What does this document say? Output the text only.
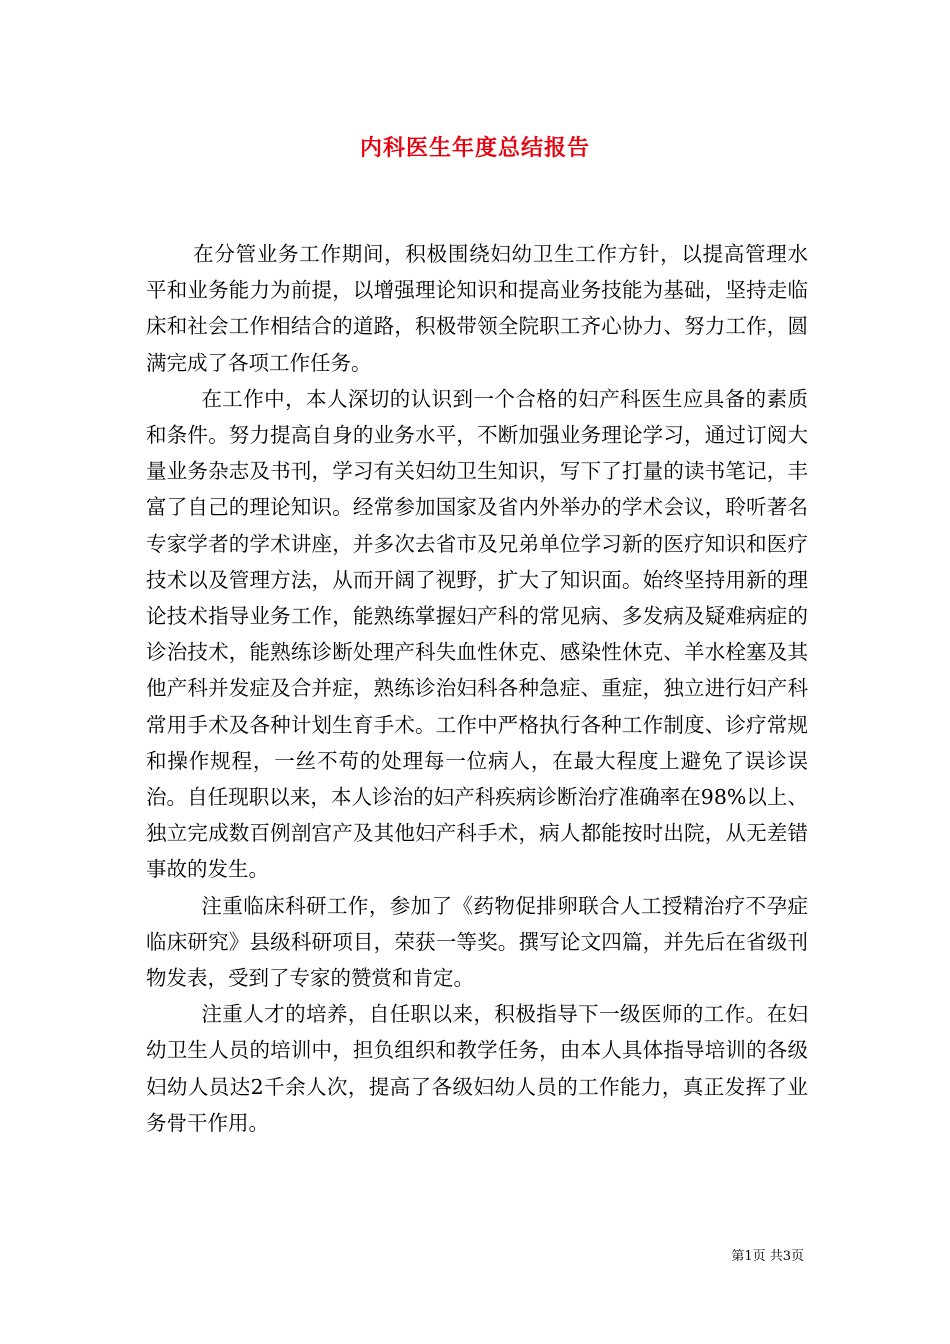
内科医生年度总结报告

在分管业务工作期间，积极围绕妇幼卫生工作方针，以提高管理水平和业务能力为前提，以增强理论知识和提高业务技能为基础，坚持走临床和社会工作相结合的道路，积极带领全院职工齐心协力、努力工作，圆满完成了各项工作任务。

在工作中，本人深切的认识到一个合格的妇产科医生应具备的素质和条件。努力提高自身的业务水平，不断加强业务理论学习，通过订阅大量业务杂志及书刊，学习有关妇幼卫生知识，写下了打量的读书笔记，丰富了自己的理论知识。经常参加国家及省内外举办的学术会议，聆听著名专家学者的学术讲座，并多次去省市及兄弟单位学习新的医疗知识和医疗技术以及管理方法，从而开阔了视野，扩大了知识面。始终坚持用新的理论技术指导业务工作，能熟练掌握妇产科的常见病、多发病及疑难病症的诊治技术，能熟练诊断处理产科失血性休克、感染性休克、羊水栓塞及其他产科并发症及合并症，熟练诊治妇科各种急症、重症，独立进行妇产科常用手术及各种计划生育手术。工作中严格执行各种工作制度、诊疗常规和操作规程，一丝不苟的处理每一位病人，在最大程度上避免了误诊误治。自任现职以来，本人诊治的妇产科疾病诊断治疗准确率在98%以上、独立完成数百例剖宫产及其他妇产科手术，病人都能按时出院，从无差错事故的发生。

注重临床科研工作，参加了《药物促排卵联合人工授精治疗不孕症临床研究》县级科研项目，荣获一等奖。撰写论文四篇，并先后在省级刊物发表，受到了专家的赞赏和肯定。

注重人才的培养，自任职以来，积极指导下一级医师的工作。在妇幼卫生人员的培训中，担负组织和教学任务，由本人具体指导培训的各级妇幼人员达2千余人次，提高了各级妇幼人员的工作能力，真正发挥了业务骨干作用。

第1页 共3页
